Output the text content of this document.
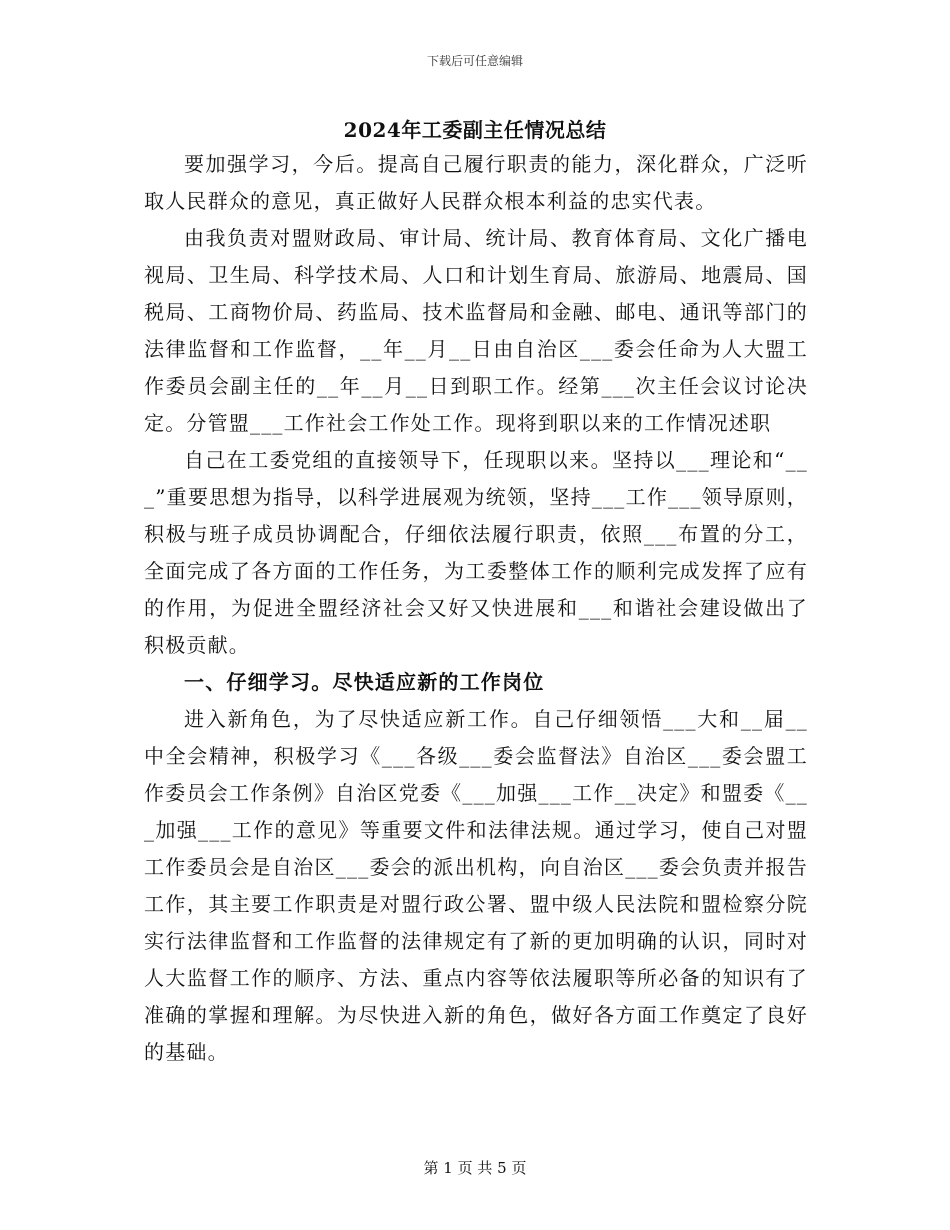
下载后可任意编辑
2024年工委副主任情况总结

要加强学习，今后。提高自己履行职责的能力，深化群众，广泛听取人民群众的意见，真正做好人民群众根本利益的忠实代表。

由我负责对盟财政局、审计局、统计局、教育体育局、文化广播电视局、卫生局、科学技术局、人口和计划生育局、旅游局、地震局、国税局、工商物价局、药监局、技术监督局和金融、邮电、通讯等部门的法律监督和工作监督，__年__月__日由自治区___委会任命为人大盟工作委员会副主任的__年__月__日到职工作。经第___次主任会议讨论决定。分管盟___工作社会工作处工作。现将到职以来的工作情况述职

自己在工委党组的直接领导下，任现职以来。坚持以___理论和“___”重要思想为指导，以科学进展观为统领，坚持___工作___领导原则，积极与班子成员协调配合，仔细依法履行职责，依照___布置的分工，全面完成了各方面的工作任务，为工委整体工作的顺利完成发挥了应有的作用，为促进全盟经济社会又好又快进展和___和谐社会建设做出了积极贡献。

一、仔细学习。尽快适应新的工作岗位

进入新角色，为了尽快适应新工作。自己仔细领悟___大和__届__中全会精神，积极学习《___各级___委会监督法》自治区___委会盟工作委员会工作条例》自治区党委《___加强___工作__决定》和盟委《___加强___工作的意见》等重要文件和法律法规。通过学习，使自己对盟工作委员会是自治区___委会的派出机构，向自治区___委会负责并报告工作，其主要工作职责是对盟行政公署、盟中级人民法院和盟检察分院实行法律监督和工作监督的法律规定有了新的更加明确的认识，同时对人大监督工作的顺序、方法、重点内容等依法履职等所必备的知识有了准确的掌握和理解。为尽快进入新的角色，做好各方面工作奠定了良好的基础。

第 1 页 共 5 页
